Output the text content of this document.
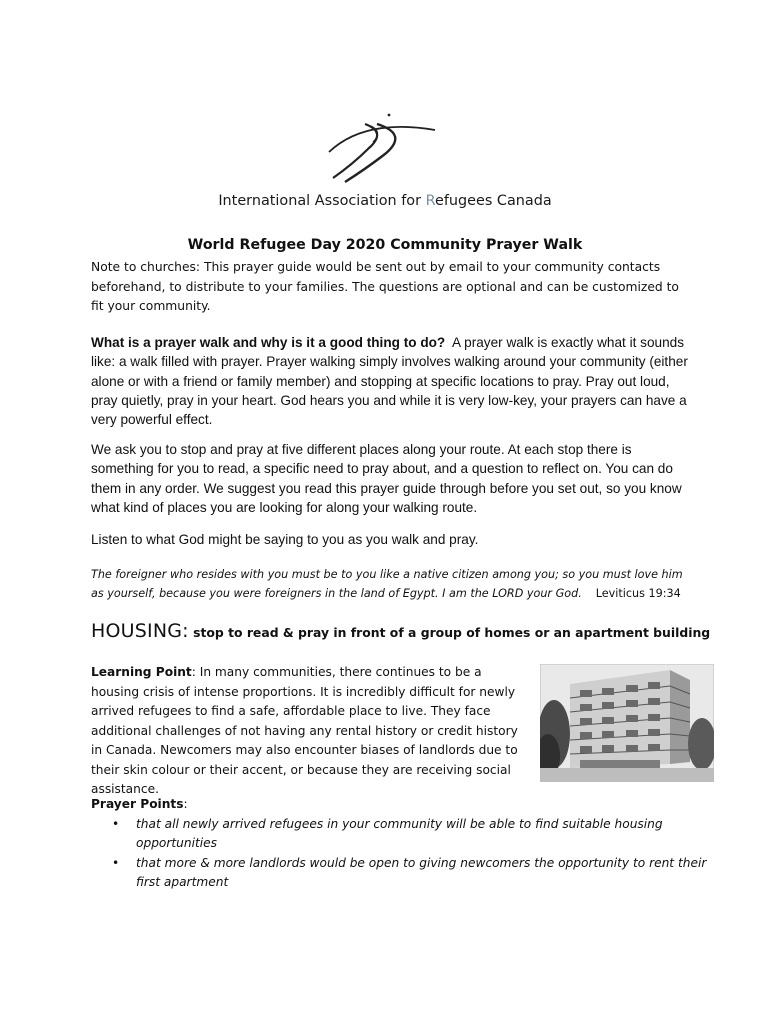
International Association for Refugees Canada
World Refugee Day 2020 Community Prayer Walk
Note to churches: This prayer guide would be sent out by email to your community contacts beforehand, to distribute to your families. The questions are optional and can be customized to fit your community.
What is a prayer walk and why is it a good thing to do? A prayer walk is exactly what it sounds like: a walk filled with prayer. Prayer walking simply involves walking around your community (either alone or with a friend or family member) and stopping at specific locations to pray. Pray out loud, pray quietly, pray in your heart. God hears you and while it is very low-key, your prayers can have a very powerful effect.
We ask you to stop and pray at five different places along your route. At each stop there is something for you to read, a specific need to pray about, and a question to reflect on. You can do them in any order. We suggest you read this prayer guide through before you set out, so you know what kind of places you are looking for along your walking route.
Listen to what God might be saying to you as you walk and pray.
The foreigner who resides with you must be to you like a native citizen among you; so you must love him as yourself, because you were foreigners in the land of Egypt. I am the LORD your God. Leviticus 19:34
HOUSING: stop to read & pray in front of a group of homes or an apartment building
Learning Point: In many communities, there continues to be a housing crisis of intense proportions. It is incredibly difficult for newly arrived refugees to find a safe, affordable place to live. They face additional challenges of not having any rental history or credit history in Canada. Newcomers may also encounter biases of landlords due to their skin colour or their accent, or because they are receiving social assistance.
Prayer Points:
• that all newly arrived refugees in your community will be able to find suitable housing opportunities
• that more & more landlords would be open to giving newcomers the opportunity to rent their first apartment
